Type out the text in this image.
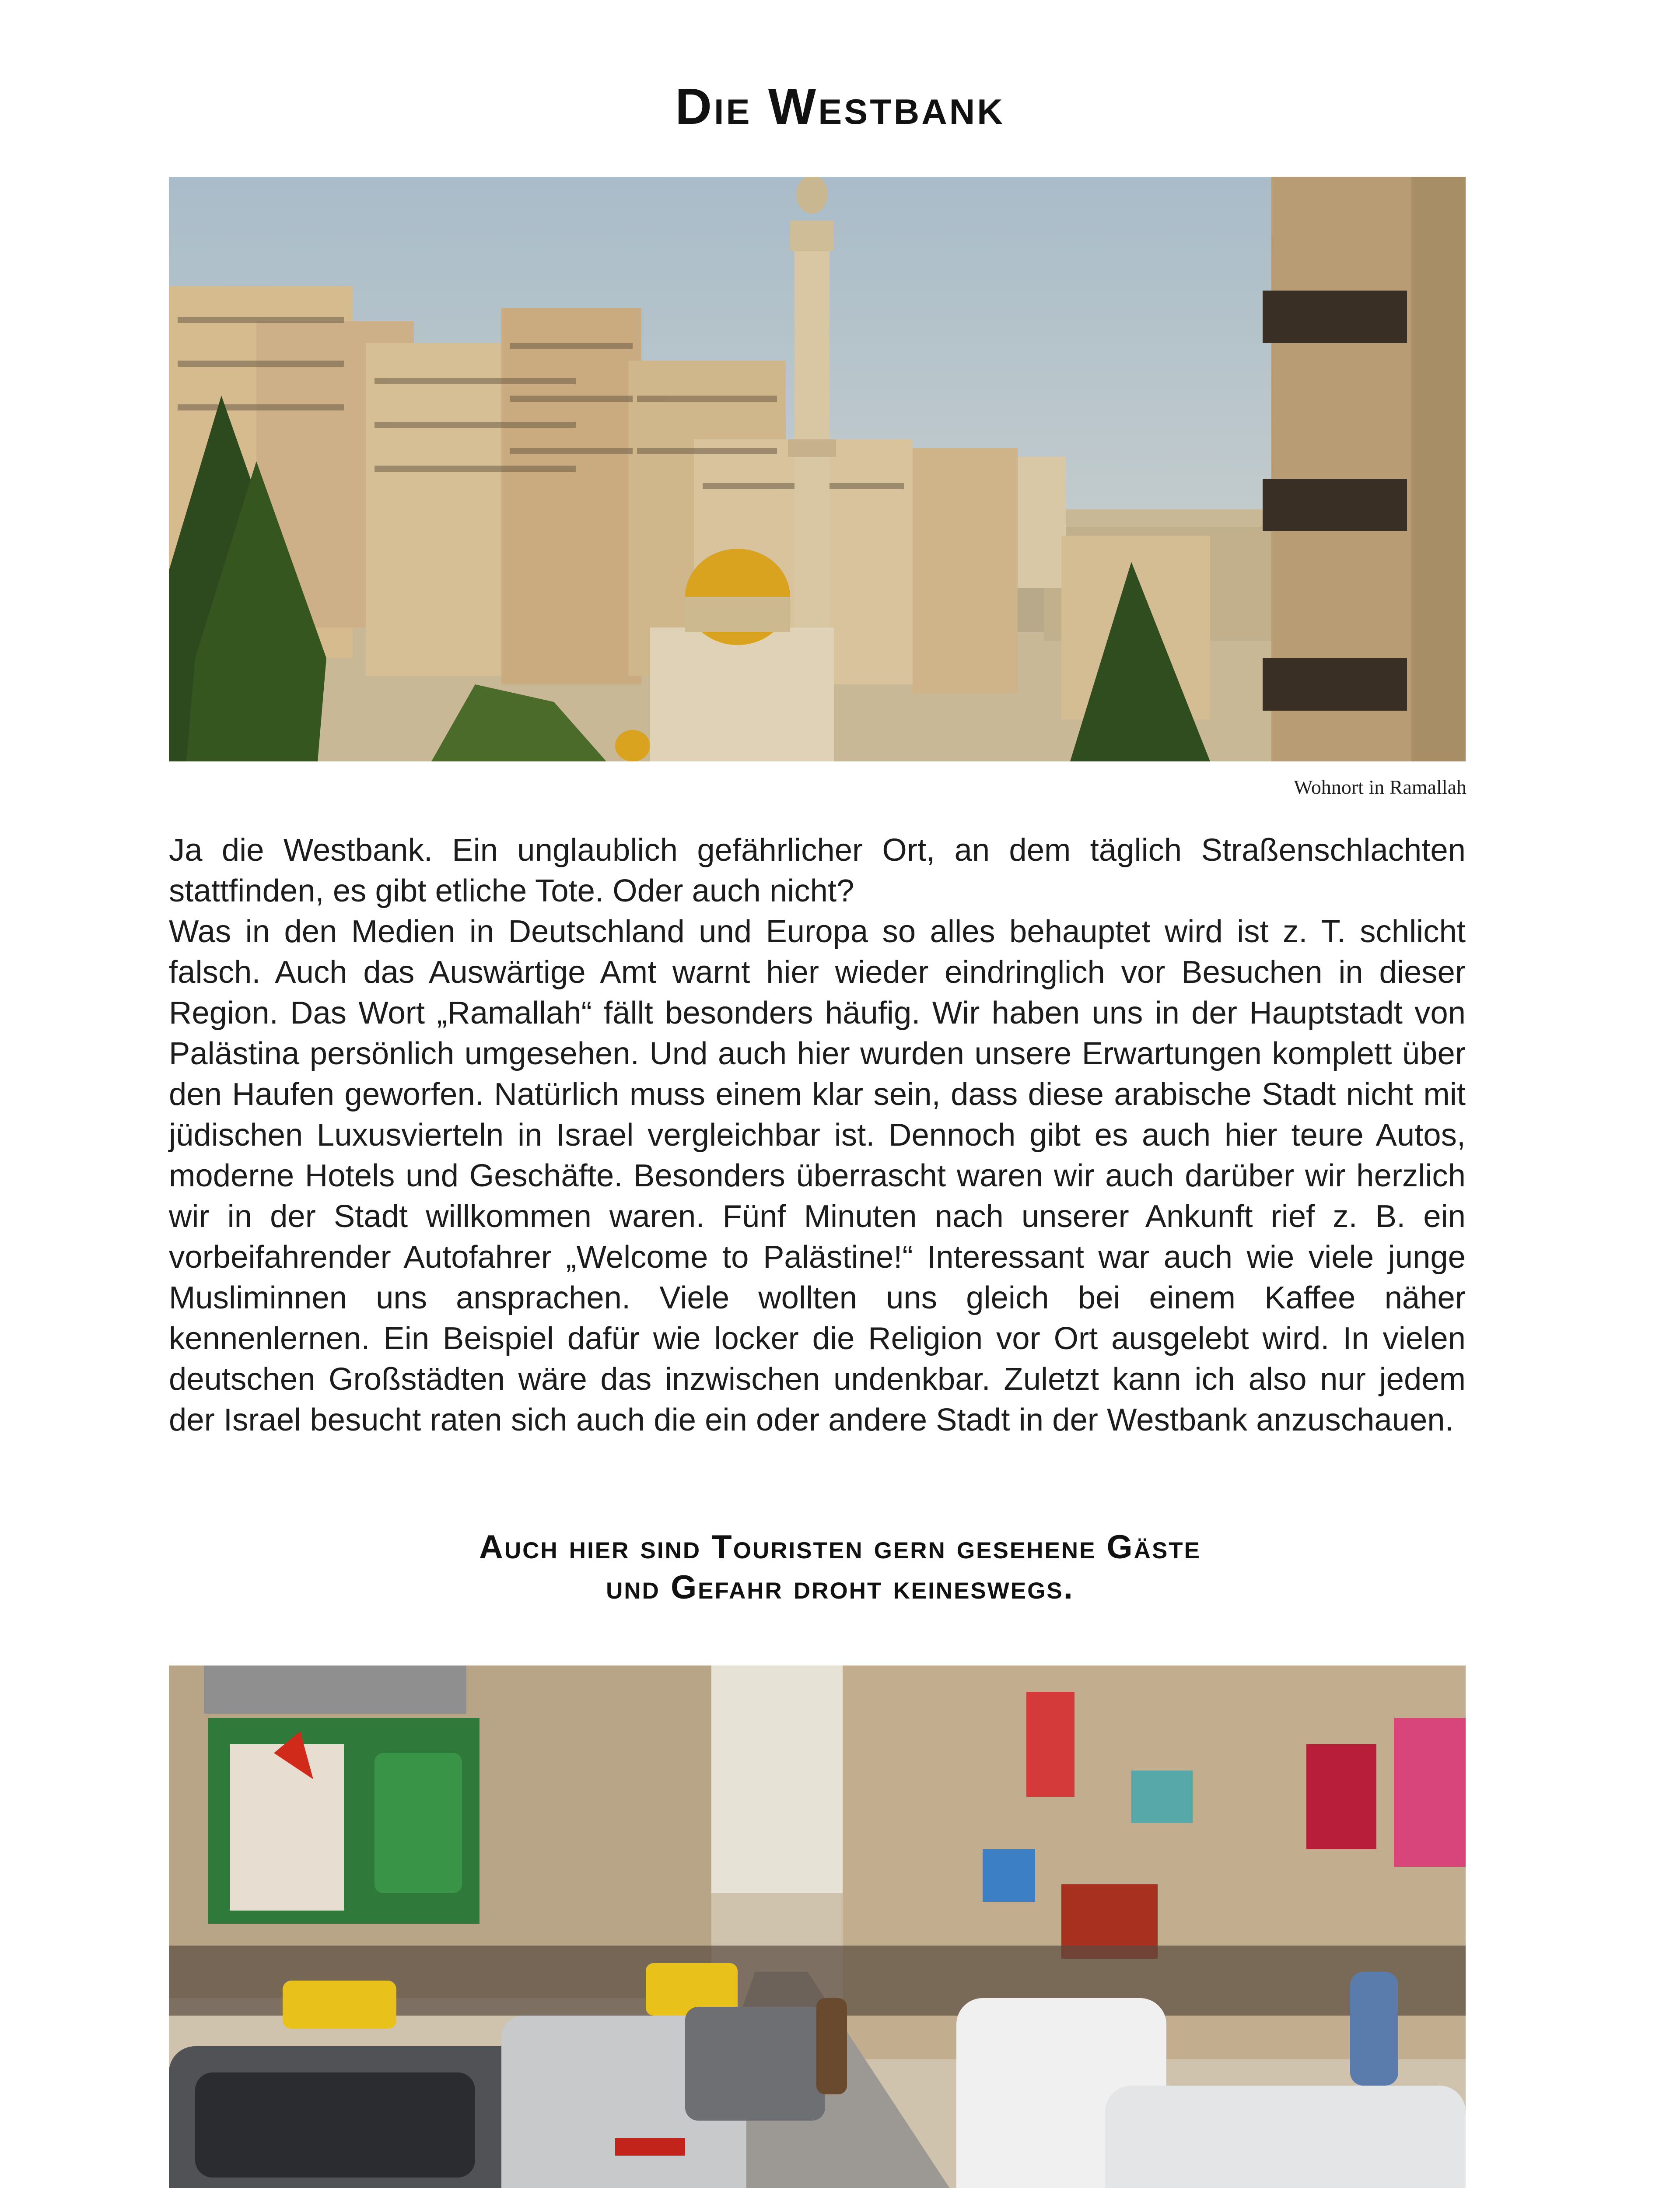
Die Westbank
Wohnort in Ramallah

Ja die Westbank. Ein unglaublich gefährlicher Ort, an dem täglich Straßenschlachten stattfinden, es gibt etliche Tote. Oder auch nicht?

Was in den Medien in Deutschland und Europa so alles behauptet wird ist z. T. schlicht falsch. Auch das Auswärtige Amt warnt hier wieder eindringlich vor Besuchen in dieser Region. Das Wort „Ramallah“ fällt besonders häufig. Wir haben uns in der Hauptstadt von Palästina persönlich umgesehen. Und auch hier wurden unsere Erwartungen komplett über den Haufen geworfen. Natürlich muss einem klar sein, dass diese arabische Stadt nicht mit jüdischen Luxusvierteln in Israel vergleichbar ist. Dennoch gibt es auch hier teure Autos, moderne Hotels und Geschäfte. Besonders überrascht waren wir auch darüber wir herzlich wir in der Stadt willkommen waren. Fünf Minuten nach unserer Ankunft rief z. B. ein vorbeifahrender Autofahrer „Welcome to Palästine!“ Interessant war auch wie viele junge Musliminnen uns ansprachen. Viele wollten uns gleich bei einem Kaffee näher kennenlernen. Ein Beispiel dafür wie locker die Religion vor Ort ausgelebt wird. In vielen deutschen Großstädten wäre das inzwischen undenkbar. Zuletzt kann ich also nur jedem der Israel besucht raten sich auch die ein oder andere Stadt in der Westbank anzuschauen.

Auch hier sind Touristen gern gesehene Gäste
und Gefahr droht keineswegs.
